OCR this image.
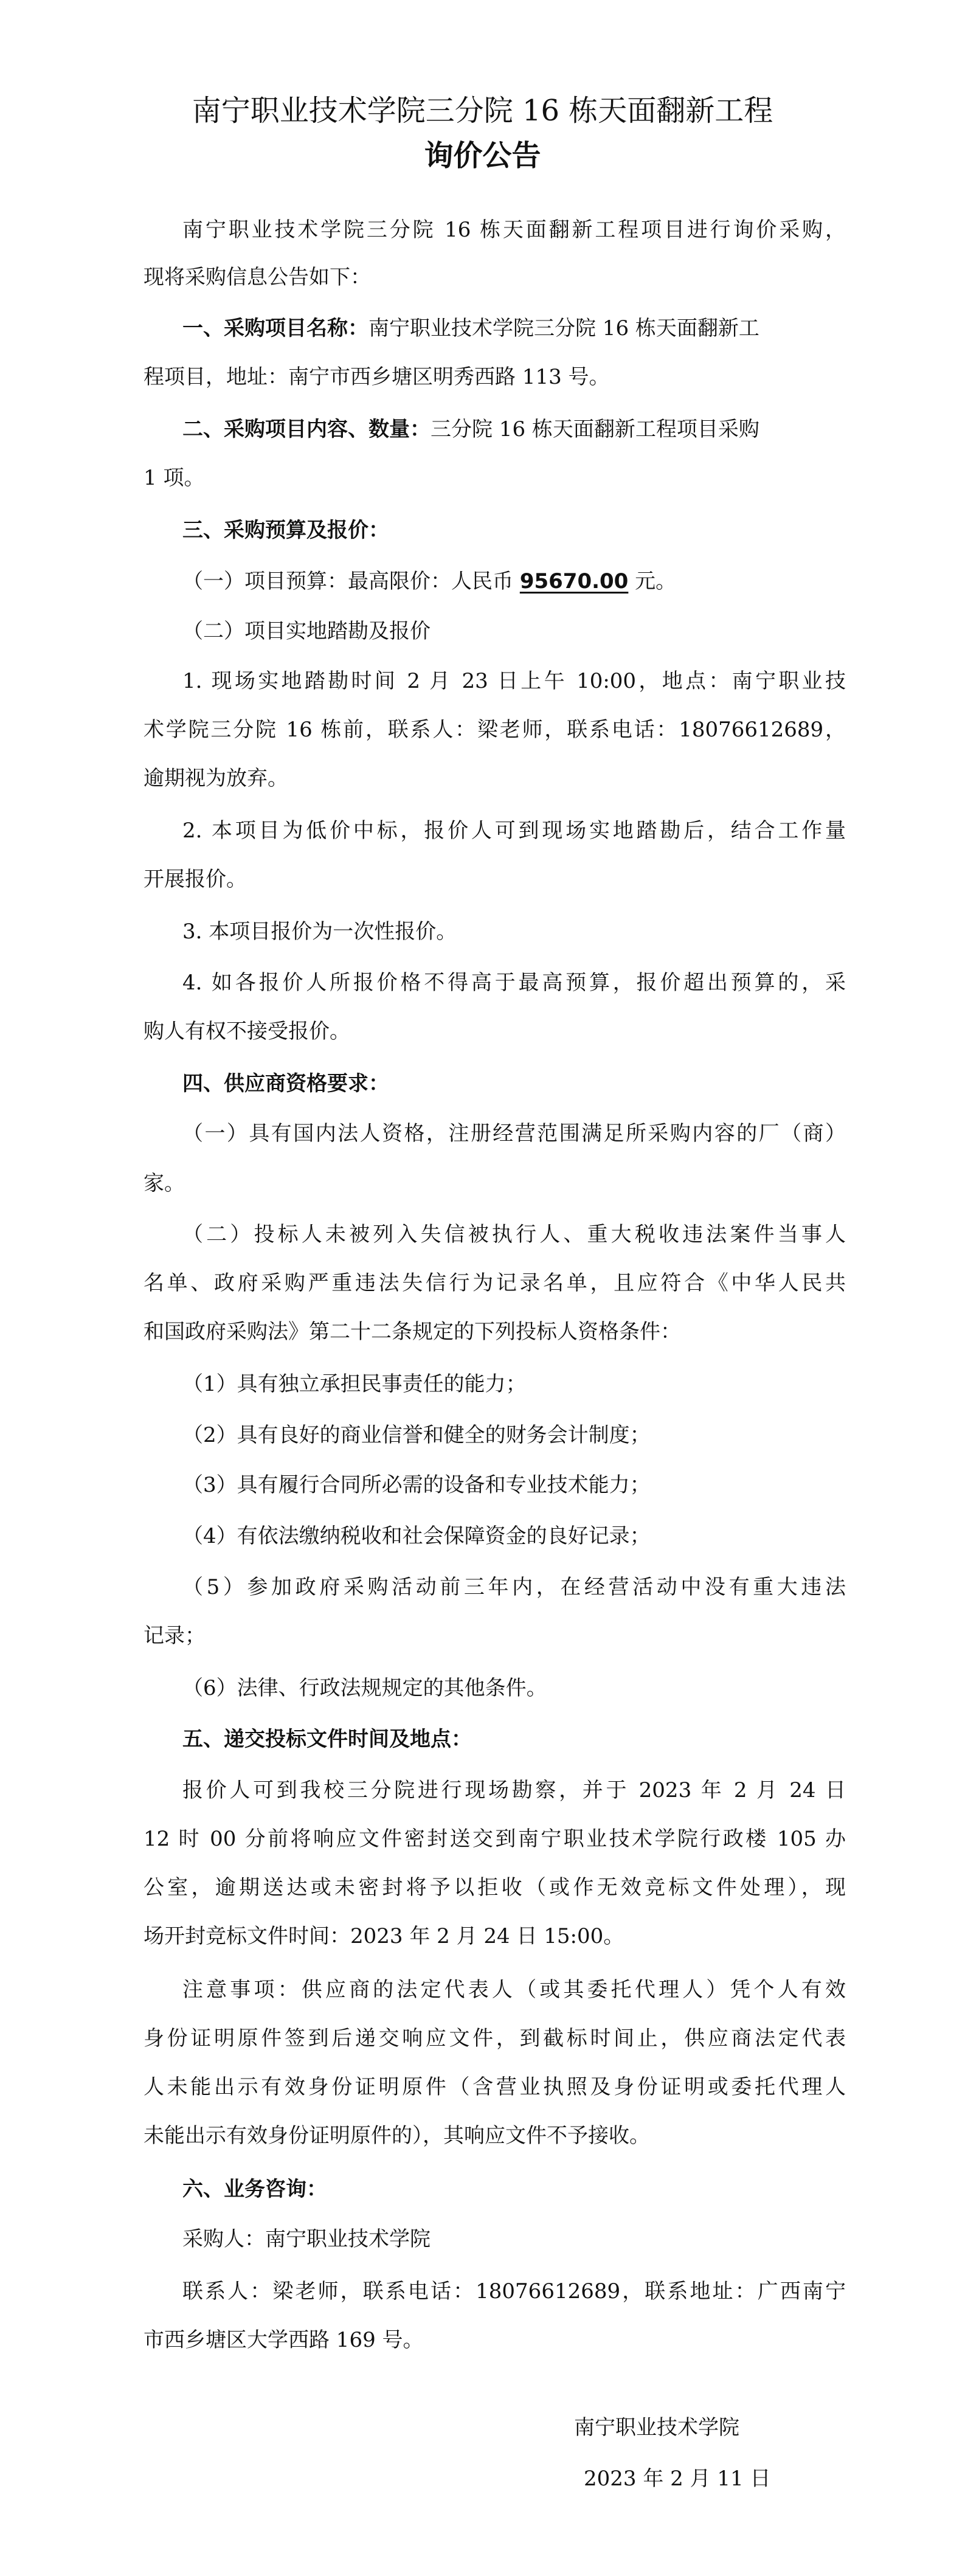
南宁职业技术学院三分院 16 栋天面翻新工程
询价公告
南宁职业技术学院三分院 16 栋天面翻新工程项目进行询价采购，
现将采购信息公告如下：
一、采购项目名称：南宁职业技术学院三分院 16 栋天面翻新工
程项目，地址：南宁市西乡塘区明秀西路 113 号。
二、采购项目内容、数量：三分院 16 栋天面翻新工程项目采购
1 项。
三、采购预算及报价：
（一）项目预算：最高限价：人民币 95670.00 元。
（二）项目实地踏勘及报价
1. 现场实地踏勘时间 2 月 23 日上午 10:00，地点：南宁职业技
术学院三分院 16 栋前，联系人：梁老师，联系电话：18076612689，
逾期视为放弃。
2. 本项目为低价中标，报价人可到现场实地踏勘后，结合工作量
开展报价。
3. 本项目报价为一次性报价。
4. 如各报价人所报价格不得高于最高预算，报价超出预算的，采
购人有权不接受报价。
四、供应商资格要求：
（一）具有国内法人资格，注册经营范围满足所采购内容的厂（商）
家。
（二）投标人未被列入失信被执行人、重大税收违法案件当事人
名单、政府采购严重违法失信行为记录名单，且应符合《中华人民共
和国政府采购法》第二十二条规定的下列投标人资格条件：
（1）具有独立承担民事责任的能力；
（2）具有良好的商业信誉和健全的财务会计制度；
（3）具有履行合同所必需的设备和专业技术能力；
（4）有依法缴纳税收和社会保障资金的良好记录；
（5）参加政府采购活动前三年内，在经营活动中没有重大违法
记录；
（6）法律、行政法规规定的其他条件。
五、递交投标文件时间及地点：
报价人可到我校三分院进行现场勘察，并于 2023 年 2 月 24 日
12 时 00 分前将响应文件密封送交到南宁职业技术学院行政楼 105 办
公室，逾期送达或未密封将予以拒收（或作无效竞标文件处理），现
场开封竞标文件时间：2023 年 2 月 24 日 15:00。
注意事项：供应商的法定代表人（或其委托代理人）凭个人有效
身份证明原件签到后递交响应文件，到截标时间止，供应商法定代表
人未能出示有效身份证明原件（含营业执照及身份证明或委托代理人
未能出示有效身份证明原件的），其响应文件不予接收。
六、业务咨询：
采购人：南宁职业技术学院
联系人：梁老师，联系电话：18076612689，联系地址：广西南宁
市西乡塘区大学西路 169 号。
南宁职业技术学院
2023 年 2 月 11 日
